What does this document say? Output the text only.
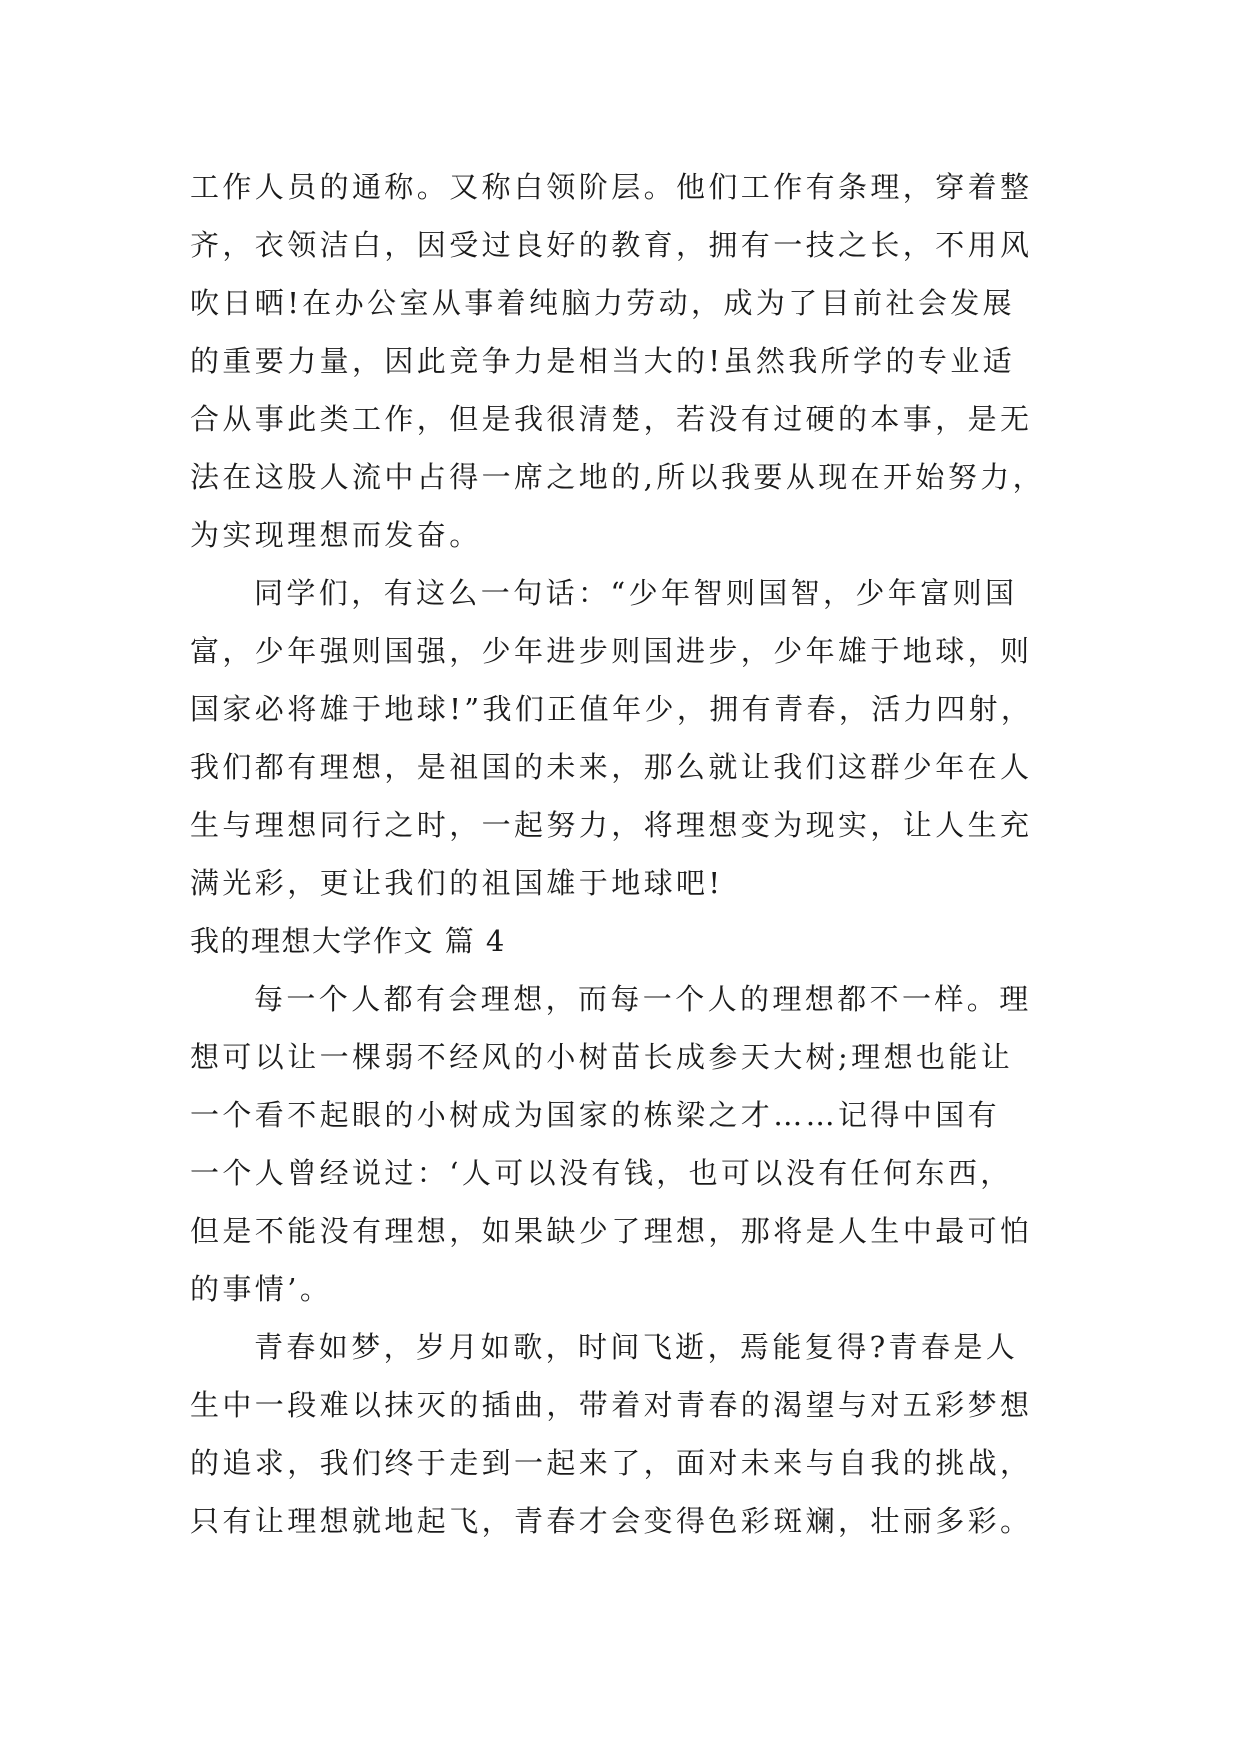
工作人员的通称。又称白领阶层。他们工作有条理，穿着整
齐，衣领洁白，因受过良好的教育，拥有一技之长，不用风
吹日晒!在办公室从事着纯脑力劳动，成为了目前社会发展
的重要力量，因此竞争力是相当大的!虽然我所学的专业适
合从事此类工作，但是我很清楚，若没有过硬的本事，是无
法在这股人流中占得一席之地的,所以我要从现在开始努力，
为实现理想而发奋。
同学们，有这么一句话：“少年智则国智，少年富则国
富，少年强则国强，少年进步则国进步，少年雄于地球，则
国家必将雄于地球!”我们正值年少，拥有青春，活力四射，
我们都有理想，是祖国的未来，那么就让我们这群少年在人
生与理想同行之时，一起努力，将理想变为现实，让人生充
满光彩，更让我们的祖国雄于地球吧!
我的理想大学作文 篇 4
每一个人都有会理想，而每一个人的理想都不一样。理
想可以让一棵弱不经风的小树苗长成参天大树;理想也能让
一个看不起眼的小树成为国家的栋梁之才……记得中国有
一个人曾经说过：‘人可以没有钱，也可以没有任何东西，
但是不能没有理想，如果缺少了理想，那将是人生中最可怕
的事情’。
青春如梦，岁月如歌，时间飞逝，焉能复得?青春是人
生中一段难以抹灭的插曲，带着对青春的渴望与对五彩梦想
的追求，我们终于走到一起来了，面对未来与自我的挑战，
只有让理想就地起飞，青春才会变得色彩斑斓，壮丽多彩。
